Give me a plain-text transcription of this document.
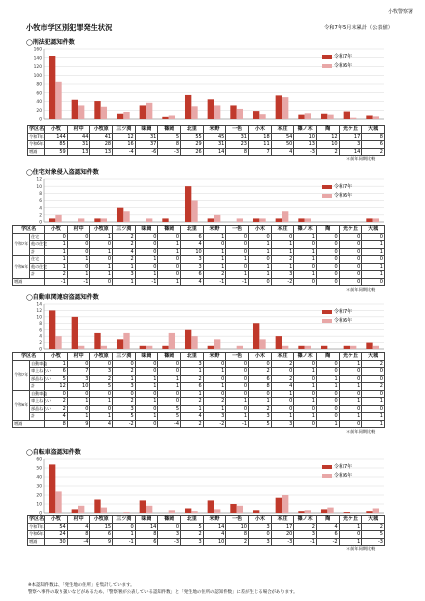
小牧警察署
小牧市学区別犯罪発生状況	令和7年5月末累計（公表値）
◯刑法犯認知件数
0
20
40
60
80
100
120
140
160
令和7年
令和6年
学区名	小牧	村中	小牧原	三ツ渕	味岡	篠岡	北里	米野	一色	小木	本庄	篠ノ木	陶	光ケ丘	大城
令和7年	144	44	41	12	31	5	55	45	31	18	54	10	12	17	8
令和6年	85	31	28	16	37	8	29	31	23	11	50	13	10	3	6
増減	59	13	13	-4	-6	-3	26	14	8	7	4	-3	2	14	2
＊前年同期比較
◯住宅対象侵入盗認知件数
0
2
4
6
8
10
12
令和7年
令和6年
学区名		小牧	村中	小牧原	三ツ渕	味岡	篠岡	北里	米野	一色	小木	本庄	篠ノ木	陶	光ケ丘	大城
令和7年	住宅	0	0	1	2	0	0	6	1	0	0	0	1	0	0	0
	他の住宅	1	0	0	2	0	1	4	0	0	1	1	0	0	0	1
	計	1	0	1	4	0	1	10	1	0	1	1	1	0	0	1
令和6年	住宅	1	1	0	2	1	0	3	1	1	0	2	1	0	0	0
	他の住宅	1	0	1	1	0	0	3	1	0	1	1	0	0	0	1
	計	2	1	1	3	1	0	6	2	1	1	3	1	0	0	1
増減		-1	-1	0	1	-1	1	4	-1	-1	0	-2	0	0	0	0
＊前年同期比較
◯自動車関連窃盗認知件数
0
2
4
6
8
10
12
14
令和7年
令和6年
学区名		小牧	村中	小牧原	三ツ渕	味岡	篠岡	北里	米野	一色	小木	本庄	篠ノ木	陶	光ケ丘	大城
令和7年	自動車盗	1	0	0	0	0	0	3	0	0	0	2	0	0	1	2
	車上ねらい	6	7	3	2	0	0	1	1	0	2	0	1	0	0	0
	部品ねらい	5	3	2	1	1	1	2	0	0	6	2	0	1	0	0
	計	12	10	5	3	1	1	6	1	0	8	4	1	1	1	2
令和6年	自動車盗	0	0	0	0	0	0	1	0	0	0	1	0	0	0	0
	車上ねらい	2	1	1	2	1	0	2	2	1	1	0	1	0	1	1
	部品ねらい	2	0	0	3	0	5	1	1	0	2	0	0	0	0	0
	計	4	1	1	5	1	5	4	3	1	3	1	1	0	1	1
増減		8	9	4	-2	0	-4	2	-2	-1	5	3	0	1	0	1
＊前年同期比較
◯自転車盗認知件数
0
10
20
30
40
50
60
令和7年
令和6年
学区名	小牧	村中	小牧原	三ツ渕	味岡	篠岡	北里	米野	一色	小木	本庄	篠ノ木	陶	光ケ丘	大城
令和7年	54	4	15	0	14	0	5	14	10	3	17	2	4	1	2
令和6年	24	8	6	1	8	3	2	4	8	0	20	3	6	0	5
増減	30	-4	9	-1	6	-3	3	10	2	3	-3	-1	-2	1	-3
＊前年同期比較
※本認知件数は、「発生地の住所」を集計しています。
警察へ事件の取り扱いなどがあるため、「警察署が公表している認知件数」と「発生地の住所の認知件数」に差が生じる場合があります。
